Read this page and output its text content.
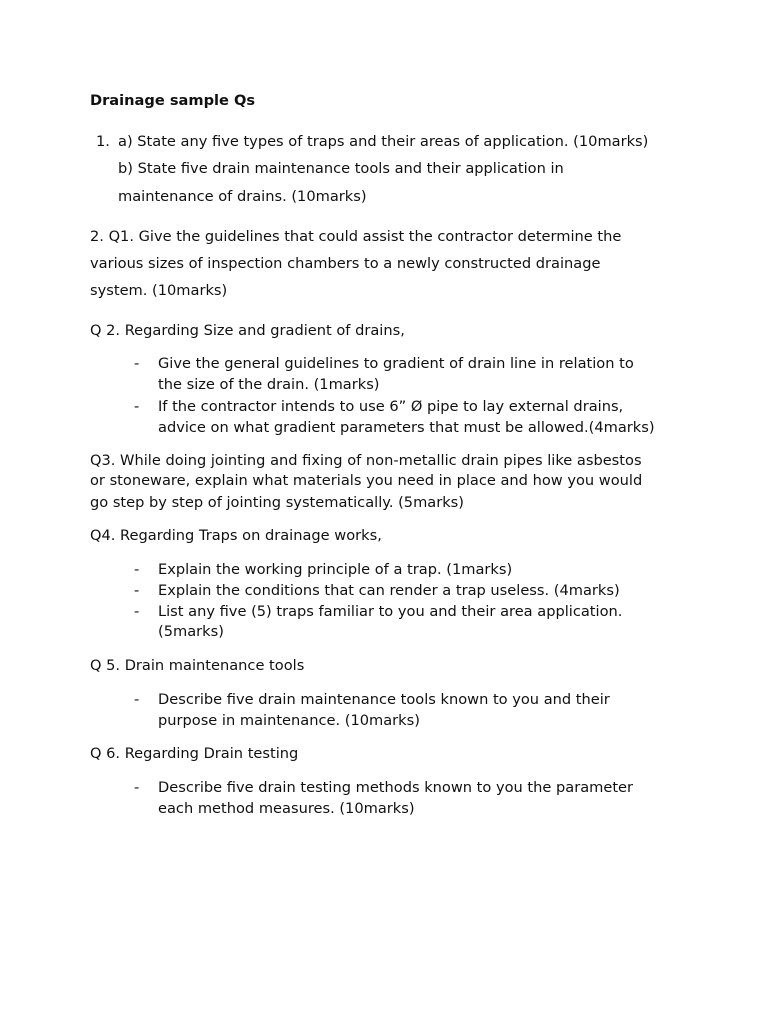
Drainage sample Qs
1. a) State any five types of traps and their areas of application. (10marks)
b) State five drain maintenance tools and their application in
maintenance of drains. (10marks)
2. Q1. Give the guidelines that could assist the contractor determine the
various sizes of inspection chambers to a newly constructed drainage
system. (10marks)
Q 2. Regarding Size and gradient of drains,
- Give the general guidelines to gradient of drain line in relation to
the size of the drain. (1marks)
- If the contractor intends to use 6” Ø pipe to lay external drains,
advice on what gradient parameters that must be allowed.(4marks)
Q3. While doing jointing and fixing of non-metallic drain pipes like asbestos
or stoneware, explain what materials you need in place and how you would
go step by step of jointing systematically. (5marks)
Q4. Regarding Traps on drainage works,
- Explain the working principle of a trap. (1marks)
- Explain the conditions that can render a trap useless. (4marks)
- List any five (5) traps familiar to you and their area application.
(5marks)
Q 5. Drain maintenance tools
- Describe five drain maintenance tools known to you and their
purpose in maintenance. (10marks)
Q 6. Regarding Drain testing
- Describe five drain testing methods known to you the parameter
each method measures. (10marks)
